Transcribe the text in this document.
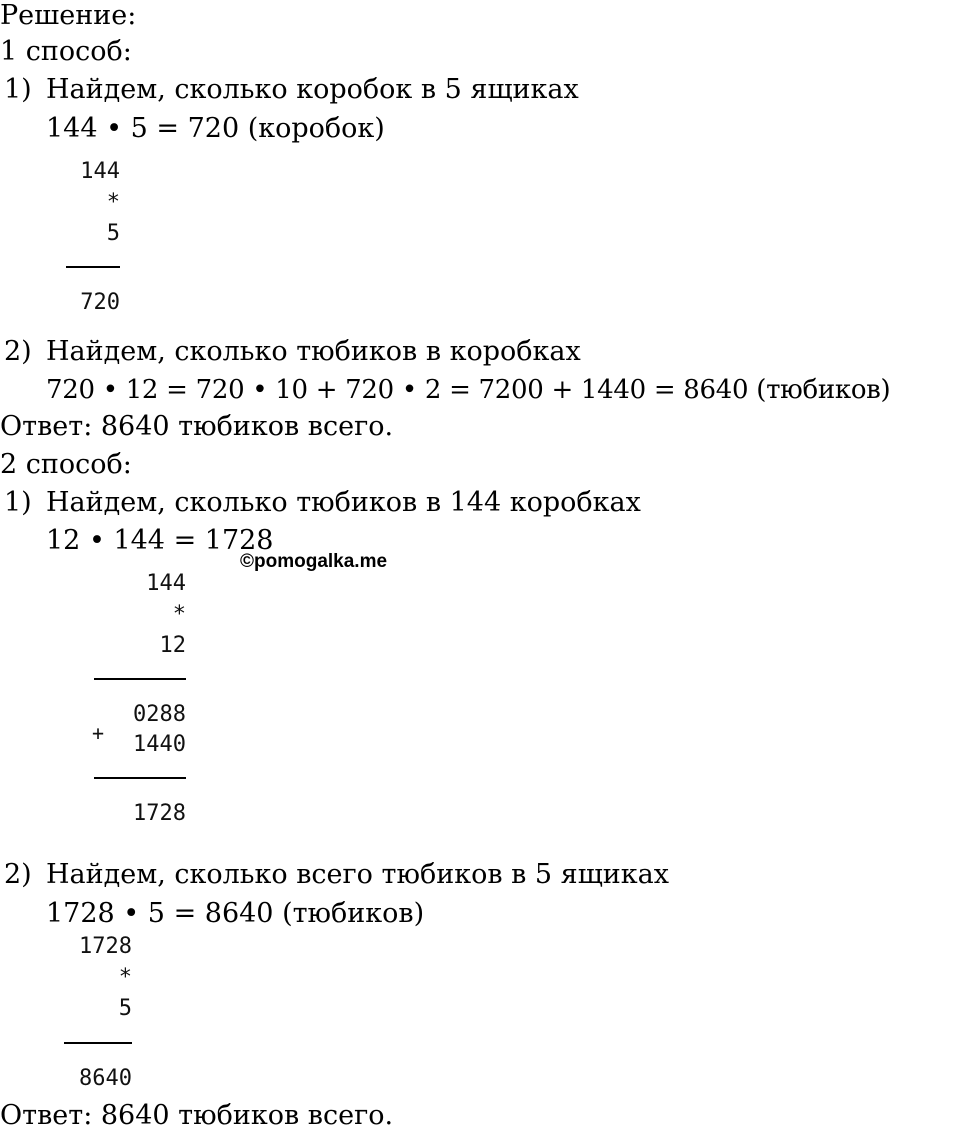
Решение:
1 способ:
1) Найдем, сколько коробок в 5 ящиках
144 • 5 = 720 (коробок)
144
*
5
720
2) Найдем, сколько тюбиков в коробках
720 • 12 = 720 • 10 + 720 • 2 = 7200 + 1440 = 8640 (тюбиков)
Ответ: 8640 тюбиков всего.
2 способ:
1) Найдем, сколько тюбиков в 144 коробках
12 • 144 = 1728
©pomogalka.me
144
*
12
+
0288
1440
1728
2) Найдем, сколько всего тюбиков в 5 ящиках
1728 • 5 = 8640 (тюбиков)
1728
*
5
8640
Ответ: 8640 тюбиков всего.
